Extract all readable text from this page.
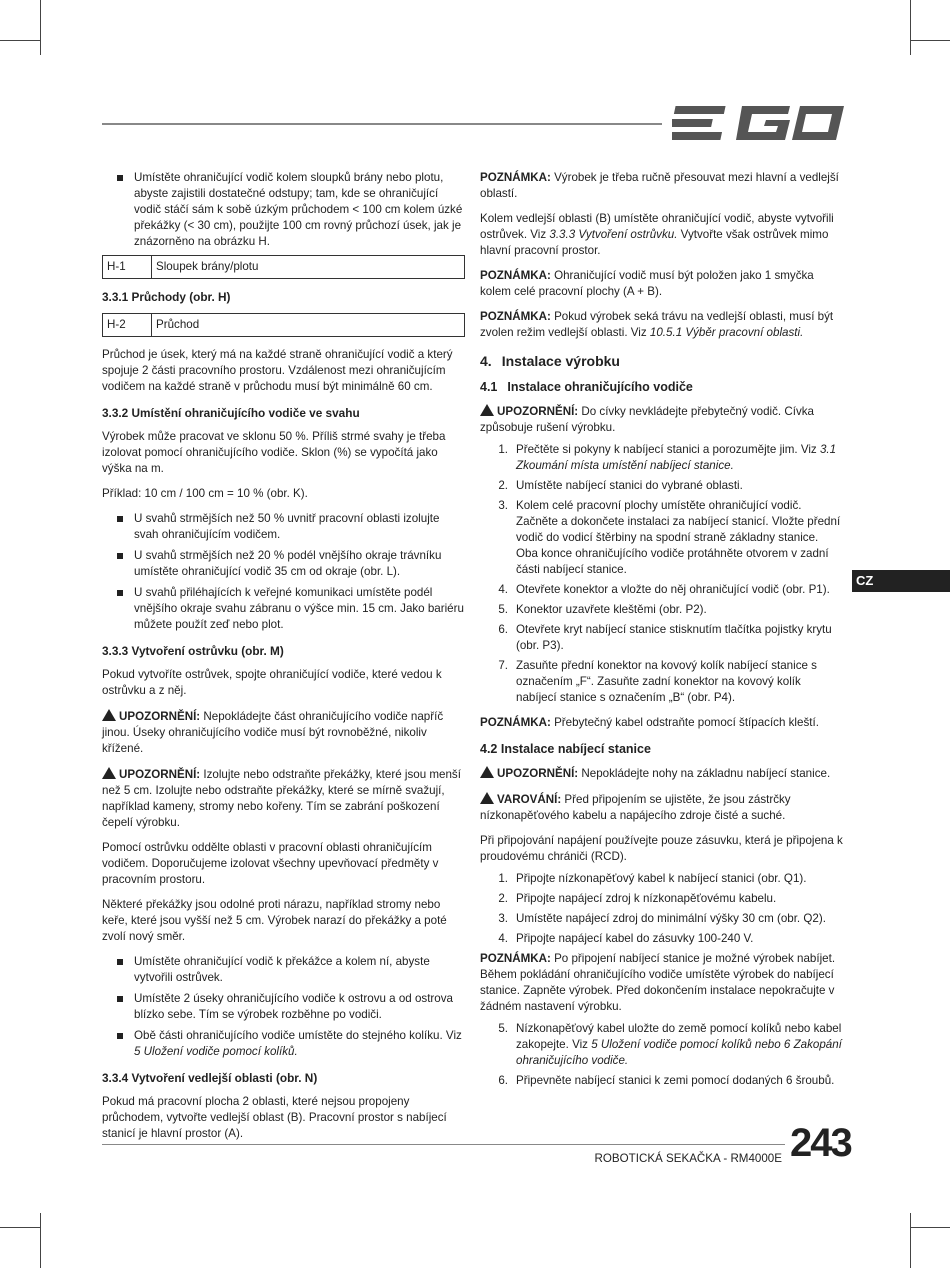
CZ
Umístěte ohraničující vodič kolem sloupků brány nebo plotu, abyste zajistili dostatečné odstupy; tam, kde se ohraničující vodič stáčí sám k sobě úzkým průchodem < 100 cm kolem úzké překážky (< 30 cm), použijte 100 cm rovný průchozí úsek, jak je znázorněno na obrázku H.
H-1	Sloupek brány/plotu
3.3.1 Průchody (obr. H)
H-2	Průchod

Průchod je úsek, který má na každé straně ohraničující vodič a který spojuje 2 části pracovního prostoru. Vzdálenost mezi ohraničujícím vodičem na každé straně v průchodu musí být minimálně 60 cm.

3.3.2 Umístění ohraničujícího vodiče ve svahu

Výrobek může pracovat ve sklonu 50 %. Příliš strmé svahy je třeba izolovat pomocí ohraničujícího vodiče. Sklon (%) se vypočítá jako výška na m.

Příklad: 10 cm / 100 cm = 10 % (obr. K).

U svahů strmějších než 50 % uvnitř pracovní oblasti izolujte svah ohraničujícím vodičem.
U svahů strmějších než 20 % podél vnějšího okraje trávníku umístěte ohraničující vodič 35 cm od okraje (obr. L).
U svahů přiléhajících k veřejné komunikaci umístěte podél vnějšího okraje svahu zábranu o výšce min. 15 cm. Jako bariéru můžete použít zeď nebo plot.
3.3.3 Vytvoření ostrůvku (obr. M)

Pokud vytvoříte ostrůvek, spojte ohraničující vodiče, které vedou k ostrůvku a z něj.

UPOZORNĚNÍ: Nepokládejte část ohraničujícího vodiče napříč jinou. Úseky ohraničujícího vodiče musí být rovnoběžné, nikoliv křížené.

UPOZORNĚNÍ: Izolujte nebo odstraňte překážky, které jsou menší než 5 cm. Izolujte nebo odstraňte překážky, které se mírně svažují, například kameny, stromy nebo kořeny. Tím se zabrání poškození čepelí výrobku.

Pomocí ostrůvku oddělte oblasti v pracovní oblasti ohraničujícím vodičem. Doporučujeme izolovat všechny upevňovací předměty v pracovním prostoru.

Některé překážky jsou odolné proti nárazu, například stromy nebo keře, které jsou vyšší než 5 cm. Výrobek narazí do překážky a poté zvolí nový směr.

Umístěte ohraničující vodič k překážce a kolem ní, abyste vytvořili ostrůvek.
Umístěte 2 úseky ohraničujícího vodiče k ostrovu a od ostrova blízko sebe. Tím se výrobek rozběhne po vodiči.
Obě části ohraničujícího vodiče umístěte do stejného kolíku. Viz 5 Uložení vodiče pomocí kolíků.
3.3.4 Vytvoření vedlejší oblasti (obr. N)

Pokud má pracovní plocha 2 oblasti, které nejsou propojeny průchodem, vytvořte vedlejší oblast (B). Pracovní prostor s nabíjecí stanicí je hlavní prostor (A).

POZNÁMKA: Výrobek je třeba ručně přesouvat mezi hlavní a vedlejší oblastí.

Kolem vedlejší oblasti (B) umístěte ohraničující vodič, abyste vytvořili ostrůvek. Viz 3.3.3 Vytvoření ostrůvku. Vytvořte však ostrůvek mimo hlavní pracovní prostor.

POZNÁMKA: Ohraničující vodič musí být položen jako 1 smyčka kolem celé pracovní plochy (A + B).

POZNÁMKA: Pokud výrobek seká trávu na vedlejší oblasti, musí být zvolen režim vedlejší oblasti. Viz 10.5.1 Výběr pracovní oblasti.

4. Instalace výrobku
4.1 Instalace ohraničujícího vodiče

UPOZORNĚNÍ: Do cívky nevkládejte přebytečný vodič. Cívka způsobuje rušení výrobku.

1. Přečtěte si pokyny k nabíjecí stanici a porozumějte jim. Viz 3.1 Zkoumání místa umístění nabíjecí stanice.
2. Umístěte nabíjecí stanici do vybrané oblasti.
3. Kolem celé pracovní plochy umístěte ohraničující vodič. Začněte a dokončete instalaci za nabíjecí stanicí. Vložte přední vodič do vodicí štěrbiny na spodní straně základny stanice. Oba konce ohraničujícího vodiče protáhněte otvorem v zadní části nabíjecí stanice.
4. Otevřete konektor a vložte do něj ohraničující vodič (obr. P1).
5. Konektor uzavřete kleštěmi (obr. P2).
6. Otevřete kryt nabíjecí stanice stisknutím tlačítka pojistky krytu (obr. P3).
7. Zasuňte přední konektor na kovový kolík nabíjecí stanice s označením „F“. Zasuňte zadní konektor na kovový kolík nabíjecí stanice s označením „B“ (obr. P4).

POZNÁMKA: Přebytečný kabel odstraňte pomocí štípacích kleští.

4.2 Instalace nabíjecí stanice

UPOZORNĚNÍ: Nepokládejte nohy na základnu nabíjecí stanice.

VAROVÁNÍ: Před připojením se ujistěte, že jsou zástrčky nízkonapěťového kabelu a napájecího zdroje čisté a suché.

Při připojování napájení používejte pouze zásuvku, která je připojena k proudovému chrániči (RCD).

1. Připojte nízkonapěťový kabel k nabíjecí stanici (obr. Q1).
2. Připojte napájecí zdroj k nízkonapěťovému kabelu.
3. Umístěte napájecí zdroj do minimální výšky 30 cm (obr. Q2).
4. Připojte napájecí kabel do zásuvky 100-240 V.

POZNÁMKA: Po připojení nabíjecí stanice je možné výrobek nabíjet. Během pokládání ohraničujícího vodiče umístěte výrobek do nabíjecí stanice. Zapněte výrobek. Před dokončením instalace nepokračujte v žádném nastavení výrobku.

5. Nízkonapěťový kabel uložte do země pomocí kolíků nebo kabel zakopejte. Viz 5 Uložení vodiče pomocí kolíků nebo 6 Zakopání ohraničujícího vodiče.
6. Připevněte nabíjecí stanici k zemi pomocí dodaných 6 šroubů.
ROBOTICKÁ SEKAČKA - RM4000E 243
